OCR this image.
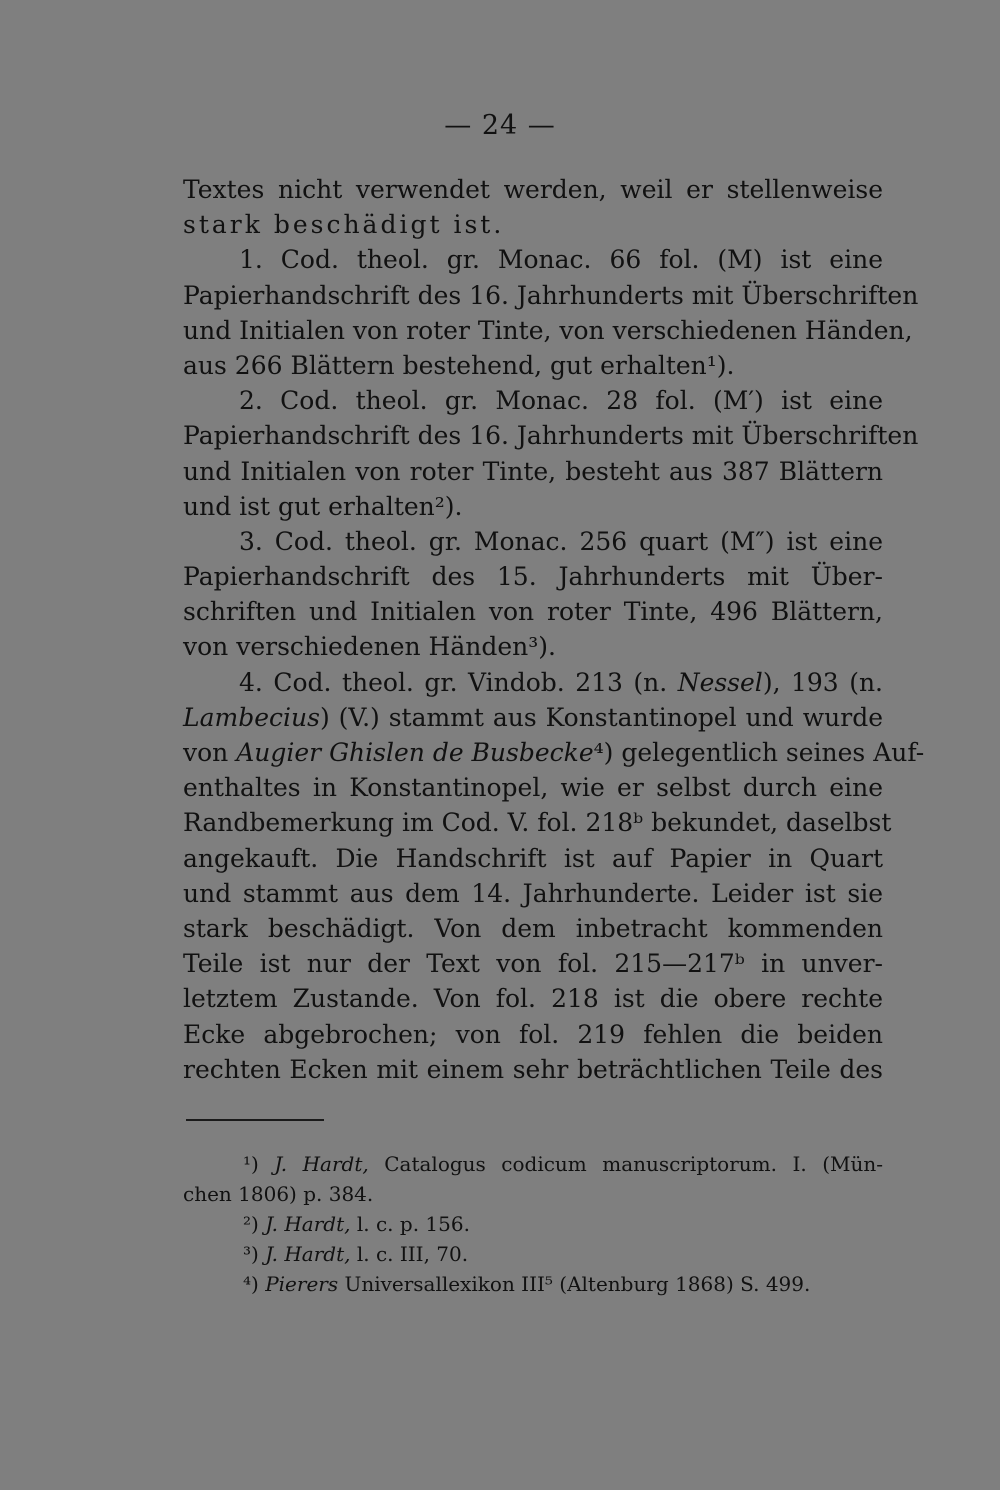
— 24 —
Textes nicht verwendet werden, weil er stellenweise
stark beschädigt ist.
1. Cod. theol. gr. Monac. 66 fol. (M) ist eine
Papierhandschrift des 16. Jahrhunderts mit Überschriften
und Initialen von roter Tinte, von verschiedenen Händen,
aus 266 Blättern bestehend, gut erhalten¹).
2. Cod. theol. gr. Monac. 28 fol. (M′) ist eine
Papierhandschrift des 16. Jahrhunderts mit Überschriften
und Initialen von roter Tinte, besteht aus 387 Blättern
und ist gut erhalten²).
3. Cod. theol. gr. Monac. 256 quart (M″) ist eine
Papierhandschrift des 15. Jahrhunderts mit Über-
schriften und Initialen von roter Tinte, 496 Blättern,
von verschiedenen Händen³).
4. Cod. theol. gr. Vindob. 213 (n. Nessel), 193 (n.
Lambecius) (V.) stammt aus Konstantinopel und wurde
von Augier Ghislen de Busbecke⁴) gelegentlich seines Auf-
enthaltes in Konstantinopel, wie er selbst durch eine
Randbemerkung im Cod. V. fol. 218ᵇ bekundet, daselbst
angekauft. Die Handschrift ist auf Papier in Quart
und stammt aus dem 14. Jahrhunderte. Leider ist sie
stark beschädigt. Von dem inbetracht kommenden
Teile ist nur der Text von fol. 215—217ᵇ in unver-
letztem Zustande. Von fol. 218 ist die obere rechte
Ecke abgebrochen; von fol. 219 fehlen die beiden
rechten Ecken mit einem sehr beträchtlichen Teile des
¹) J. Hardt, Catalogus codicum manuscriptorum. I. (Mün-
chen 1806) p. 384.
²) J. Hardt, l. c. p. 156.
³) J. Hardt, l. c. III, 70.
⁴) Pierers Universallexikon III⁵ (Altenburg 1868) S. 499.
